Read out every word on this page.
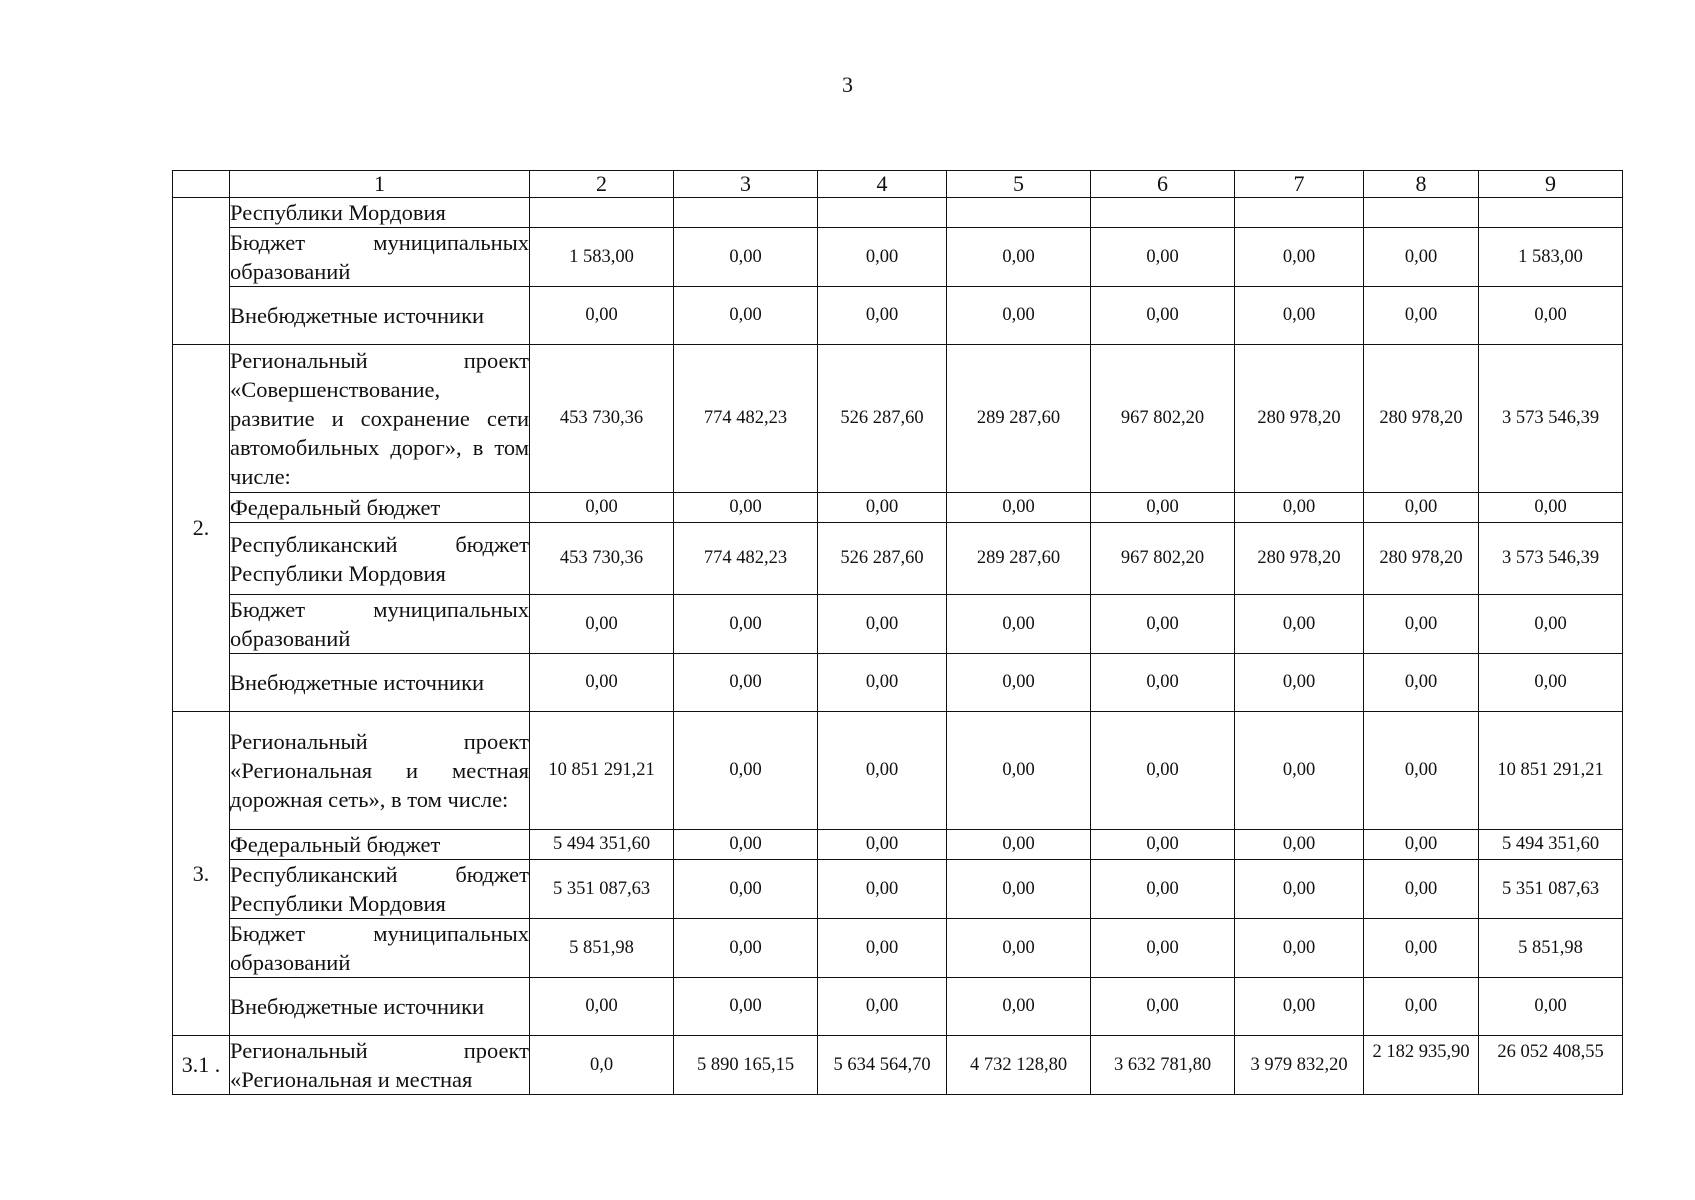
3
	1	2	3	4	5	6	7	8	9
	Республики Мордовия								
	Бюджет муниципальных образований	1 583,00	0,00	0,00	0,00	0,00	0,00	0,00	1 583,00
	Внебюджетные источники	0,00	0,00	0,00	0,00	0,00	0,00	0,00	0,00
2.	Региональный проект «Совершенствование, развитие и сохранение сети автомобильных дорог», в том числе:	453 730,36	774 482,23	526 287,60	289 287,60	967 802,20	280 978,20	280 978,20	3 573 546,39
	Федеральный бюджет	0,00	0,00	0,00	0,00	0,00	0,00	0,00	0,00
	Республиканский бюджет Республики Мордовия	453 730,36	774 482,23	526 287,60	289 287,60	967 802,20	280 978,20	280 978,20	3 573 546,39
	Бюджет муниципальных образований	0,00	0,00	0,00	0,00	0,00	0,00	0,00	0,00
	Внебюджетные источники	0,00	0,00	0,00	0,00	0,00	0,00	0,00	0,00
3.	Региональный проект «Региональная и местная дорожная сеть», в том числе:	10 851 291,21	0,00	0,00	0,00	0,00	0,00	0,00	10 851 291,21
	Федеральный бюджет	5 494 351,60	0,00	0,00	0,00	0,00	0,00	0,00	5 494 351,60
	Республиканский бюджет Республики Мордовия	5 351 087,63	0,00	0,00	0,00	0,00	0,00	0,00	5 351 087,63
	Бюджет муниципальных образований	5 851,98	0,00	0,00	0,00	0,00	0,00	0,00	5 851,98
	Внебюджетные источники	0,00	0,00	0,00	0,00	0,00	0,00	0,00	0,00
3.1 .	Региональный проект «Региональная и местная	0,0	5 890 165,15	5 634 564,70	4 732 128,80	3 632 781,80	3 979 832,20	2 182 935,90	26 052 408,55
